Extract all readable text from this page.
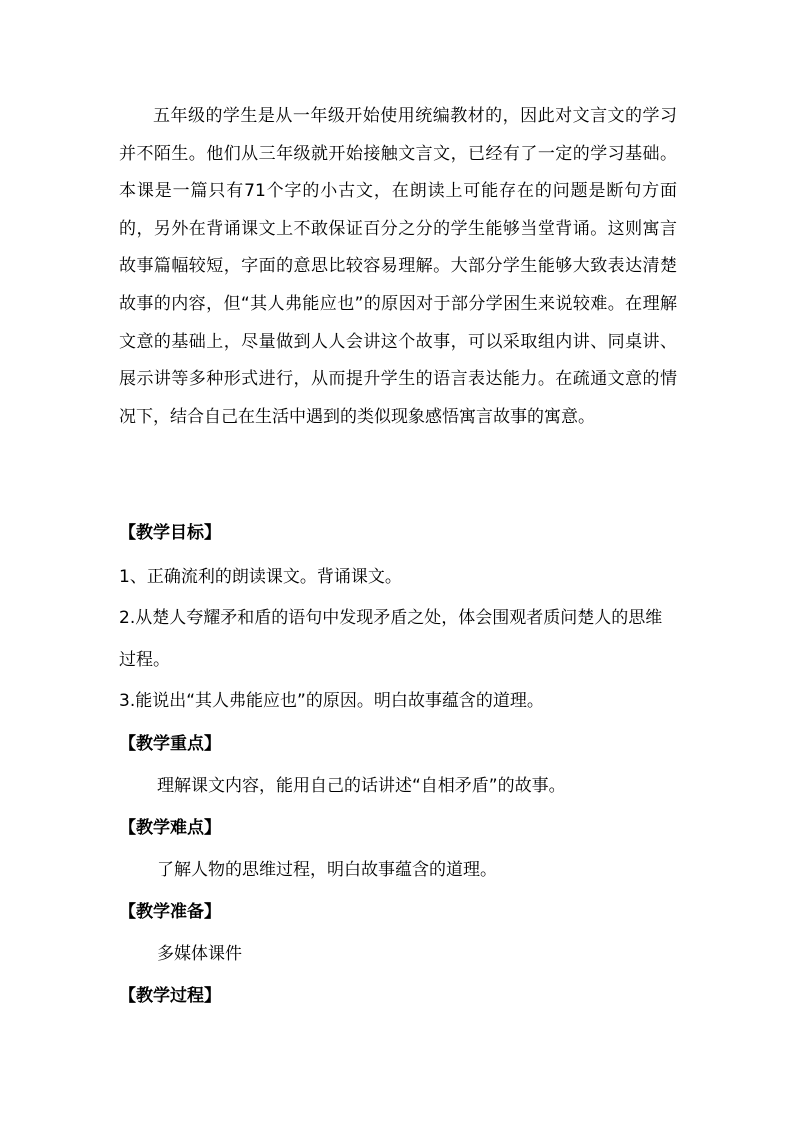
五年级的学生是从一年级开始使用统编教材的，因此对文言文的学习并不陌生。他们从三年级就开始接触文言文，已经有了一定的学习基础。本课是一篇只有71个字的小古文，在朗读上可能存在的问题是断句方面的，另外在背诵课文上不敢保证百分之分的学生能够当堂背诵。这则寓言故事篇幅较短，字面的意思比较容易理解。大部分学生能够大致表达清楚故事的内容，但“其人弗能应也”的原因对于部分学困生来说较难。在理解文意的基础上，尽量做到人人会讲这个故事，可以采取组内讲、同桌讲、展示讲等多种形式进行，从而提升学生的语言表达能力。在疏通文意的情况下，结合自己在生活中遇到的类似现象感悟寓言故事的寓意。
【教学目标】
1、正确流利的朗读课文。背诵课文。
2.从楚人夸耀矛和盾的语句中发现矛盾之处，体会围观者质问楚人的思维过程。
3.能说出“其人弗能应也”的原因。明白故事蕴含的道理。
【教学重点】
理解课文内容，能用自己的话讲述“自相矛盾”的故事。
【教学难点】
了解人物的思维过程，明白故事蕴含的道理。
【教学准备】
多媒体课件
【教学过程】
